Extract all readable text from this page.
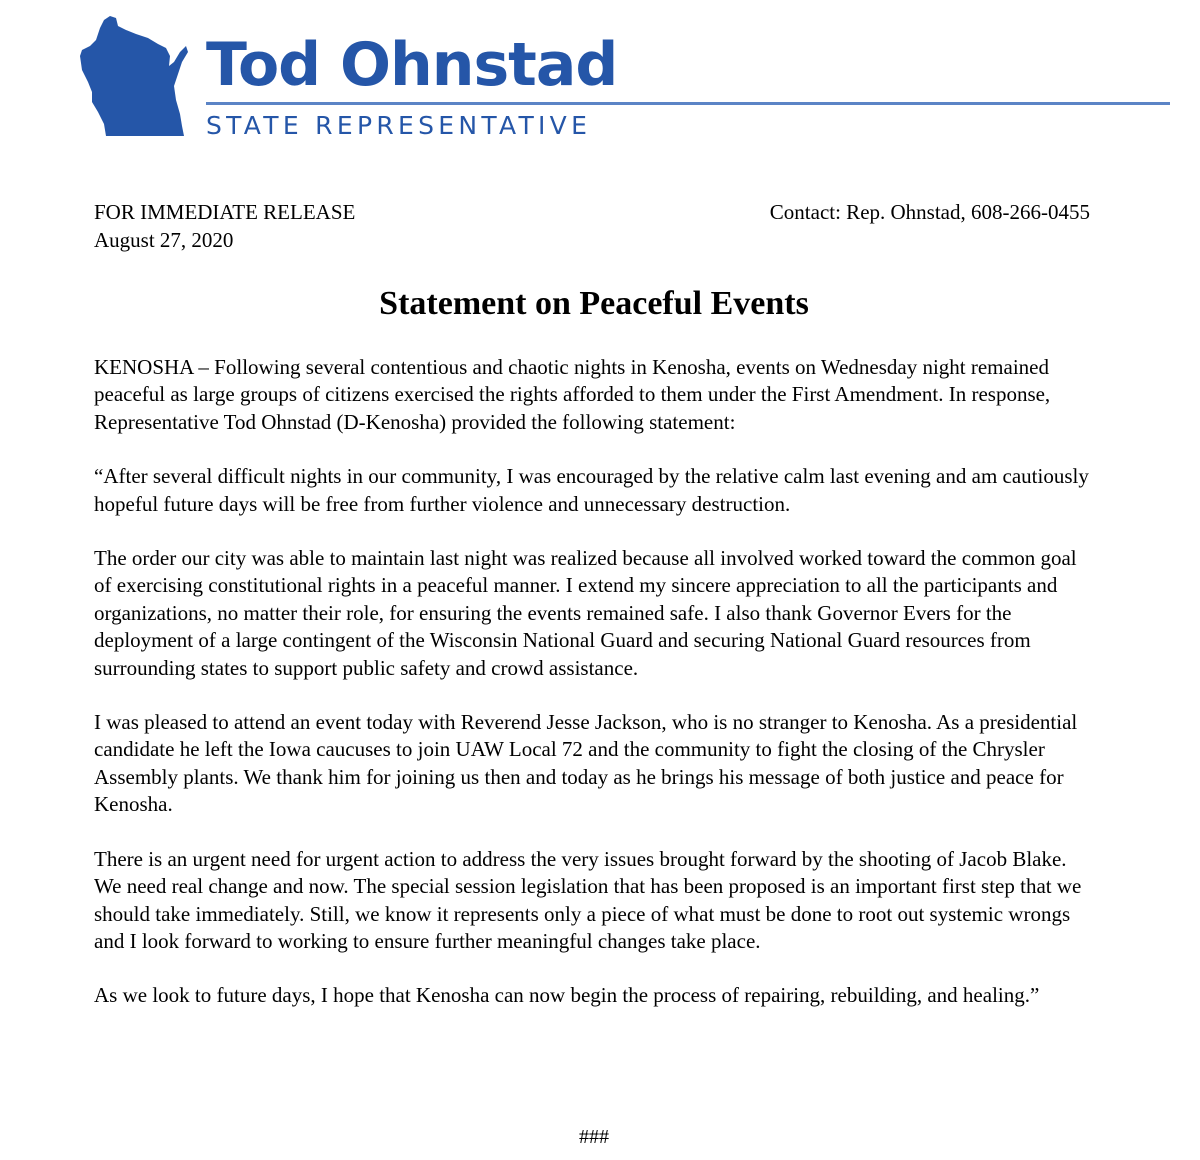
Tod Ohnstad
STATE REPRESENTATIVE
FOR IMMEDIATE RELEASE
August 27, 2020
Contact: Rep. Ohnstad, 608-266-0455
Statement on Peaceful Events

KENOSHA – Following several contentious and chaotic nights in Kenosha, events on Wednesday night remained peaceful as large groups of citizens exercised the rights afforded to them under the First Amendment. In response, Representative Tod Ohnstad (D-Kenosha) provided the following statement:

“After several difficult nights in our community, I was encouraged by the relative calm last evening and am cautiously hopeful future days will be free from further violence and unnecessary destruction.

The order our city was able to maintain last night was realized because all involved worked toward the common goal of exercising constitutional rights in a peaceful manner. I extend my sincere appreciation to all the participants and organizations, no matter their role, for ensuring the events remained safe. I also thank Governor Evers for the deployment of a large contingent of the Wisconsin National Guard and securing National Guard resources from surrounding states to support public safety and crowd assistance.

I was pleased to attend an event today with Reverend Jesse Jackson, who is no stranger to Kenosha. As a presidential candidate he left the Iowa caucuses to join UAW Local 72 and the community to fight the closing of the Chrysler Assembly plants. We thank him for joining us then and today as he brings his message of both justice and peace for Kenosha.

There is an urgent need for urgent action to address the very issues brought forward by the shooting of Jacob Blake. We need real change and now. The special session legislation that has been proposed is an important first step that we should take immediately. Still, we know it represents only a piece of what must be done to root out systemic wrongs and I look forward to working to ensure further meaningful changes take place.

As we look to future days, I hope that Kenosha can now begin the process of repairing, rebuilding, and healing.”

###
